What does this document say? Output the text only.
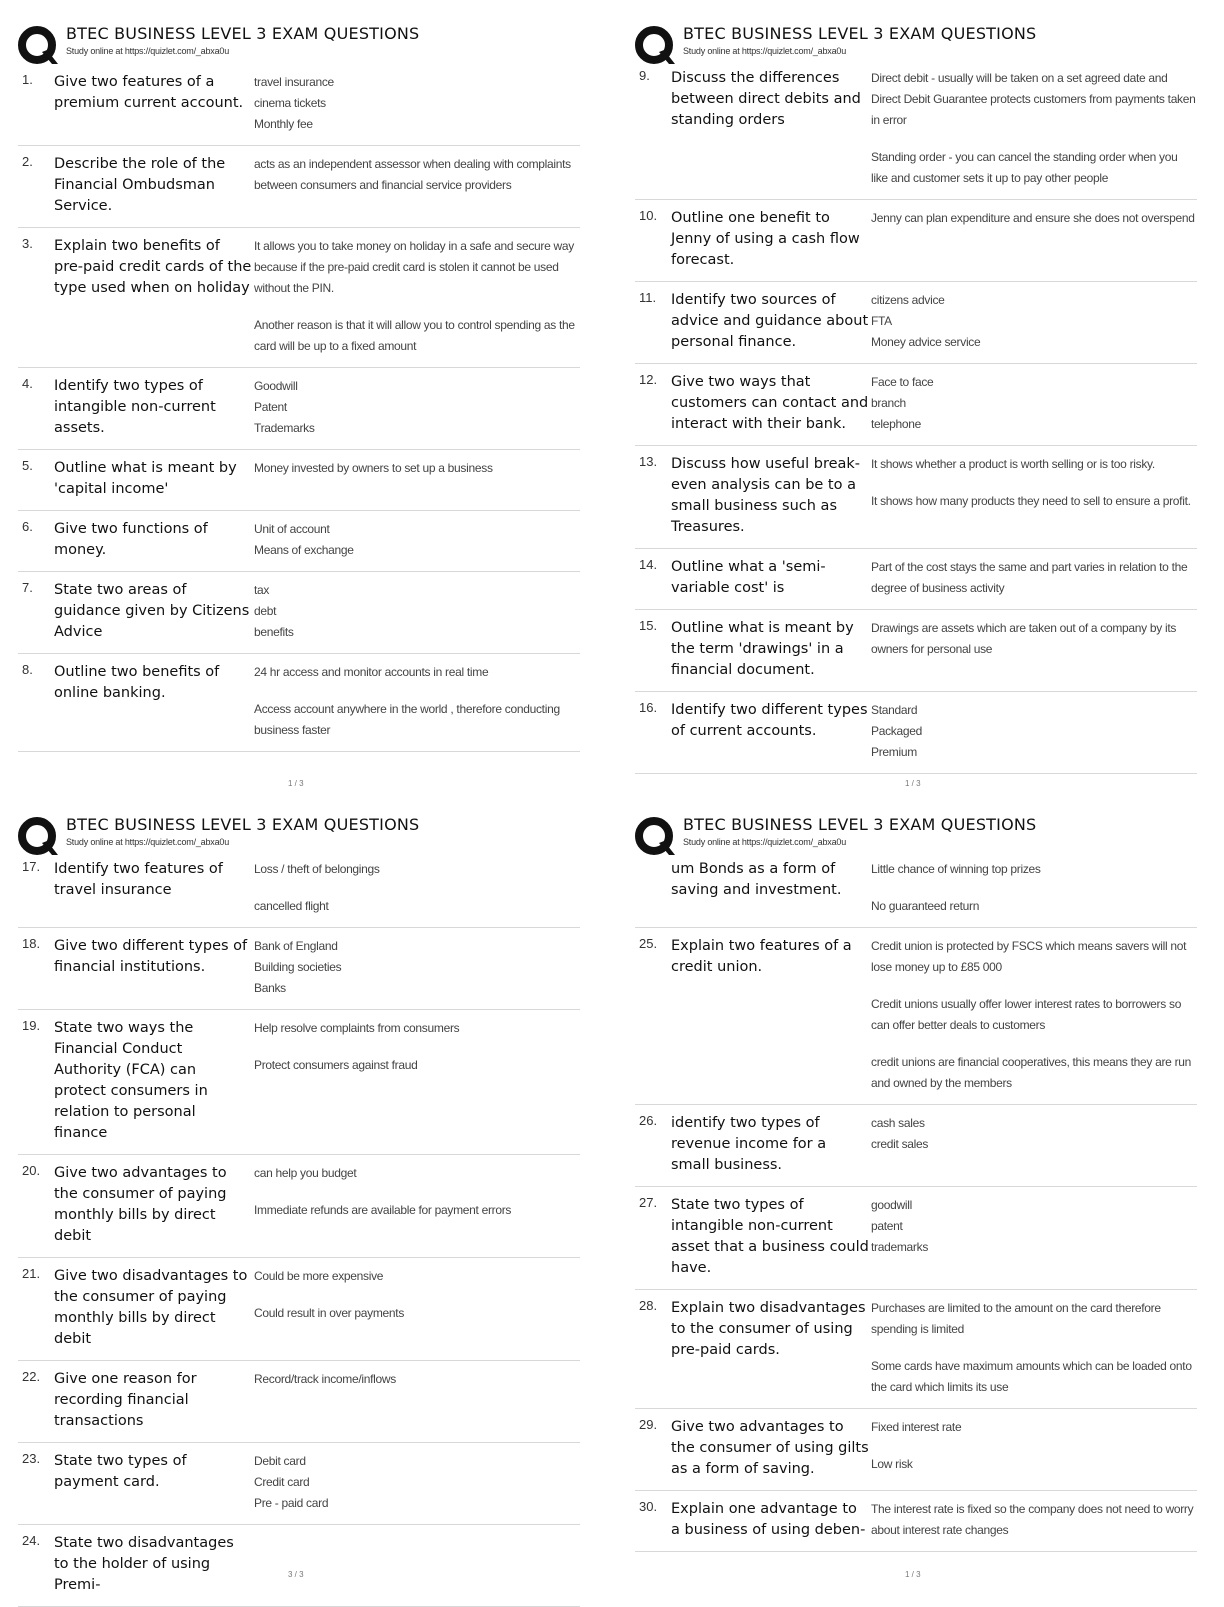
BTEC BUSINESS LEVEL 3 EXAM QUESTIONS
Study online at https://quizlet.com/_abxa0u
1.	Give two features of a premium current account.

travel insurance
cinema tickets
Monthly fee

2.	Describe the role of the Financial Ombudsman Service.

acts as an independent assessor when dealing with complaints between consumers and financial service providers

3.	Explain two benefits of pre-paid credit cards of the type used when on holiday

It allows you to take money on holiday in a safe and secure way because if the pre-paid credit card is stolen it cannot be used without the PIN.

Another reason is that it will allow you to control spending as the card will be up to a fixed amount

4.	Identify two types of intangible non-current assets.

Goodwill
Patent
Trademarks

5.	Outline what is meant by 'capital income'

Money invested by owners to set up a business

6.	Give two functions of money.

Unit of account
Means of exchange

7.	State two areas of guidance given by Citizens Advice

tax
debt
benefits

8.	Outline two benefits of online banking.

24 hr access and monitor accounts in real time

Access account anywhere in the world , therefore conducting business faster

1 / 3
BTEC BUSINESS LEVEL 3 EXAM QUESTIONS
Study online at https://quizlet.com/_abxa0u
9.	Discuss the differences between direct debits and standing orders

Direct debit - usually will be taken on a set agreed date and Direct Debit Guarantee protects customers from payments taken in error

Standing order - you can cancel the standing order when you like and customer sets it up to pay other people

10. Outline one benefit to Jenny of using a cash flow forecast.

Jenny can plan expenditure and ensure she does not overspend

11.	Identify two sources of advice and guidance about personal finance.

citizens advice
FTA
Money advice service

12. Give two ways that customers can contact and interact with their bank.

Face to face
branch
telephone

13. Discuss how useful break-even analysis can be to a small business such as Treasures.

It shows whether a product is worth selling or is too risky.

It shows how many products they need to sell to ensure a profit.

14. Outline what a 'semi-variable cost' is

Part of the cost stays the same and part varies in relation to the degree of business activity

15. Outline what is meant by the term 'drawings' in a financial document.

Drawings are assets which are taken out of a company by its owners for personal use

16. Identify two different types of current accounts.

Standard
Packaged
Premium

1 / 3
BTEC BUSINESS LEVEL 3 EXAM QUESTIONS
Study online at https://quizlet.com/_abxa0u
17. Identify two features of travel insurance

Loss / theft of belongings

cancelled flight

18. Give two different types of financial institutions.

Bank of England
Building societies
Banks

19. State two ways the Financial Conduct Authority (FCA) can protect consumers in
relation to personal finance

Help resolve complaints from consumers

Protect consumers against fraud

20. Give two advantages to the consumer of paying monthly bills by direct debit

can help you budget

Immediate refunds are available for payment errors

21. Give two disadvantages to the consumer of paying monthly bills by direct debit

Could be more expensive

Could result in over payments

22. Give one reason for recording financial transactions

Record/track income/inflows

23. State two types of payment card.

Debit card
Credit card
Pre - paid card

24. State two disadvantages to the holder of using Premi-
3 / 3
BTEC BUSINESS LEVEL 3 EXAM QUESTIONS
Study online at https://quizlet.com/_abxa0u
um Bonds as a form of saving and investment.

Little chance of winning top prizes

No guaranteed return

25. Explain two features of a credit union.

Credit union is protected by FSCS which means savers will not lose money up to £85 000

Credit unions usually offer lower interest rates to borrowers so can offer better deals to customers

credit unions are financial cooperatives, this means they are run and owned by the members

26. identify two types of revenue income for a small business.

cash sales
credit sales

27. State two types of intangible non-current asset that a business could have.

goodwill
patent
trademarks

28. Explain two disadvantages to the consumer of using pre-paid cards.

Purchases are limited to the amount on the card therefore spending is limited

Some cards have maximum amounts which can be loaded onto the card which limits its use

29. Give two advantages to the consumer of using gilts as a form of saving.

Fixed interest rate

Low risk

30. Explain one advantage to a business of using deben-

The interest rate is fixed so the company does not need to worry about interest rate changes

1 / 3
